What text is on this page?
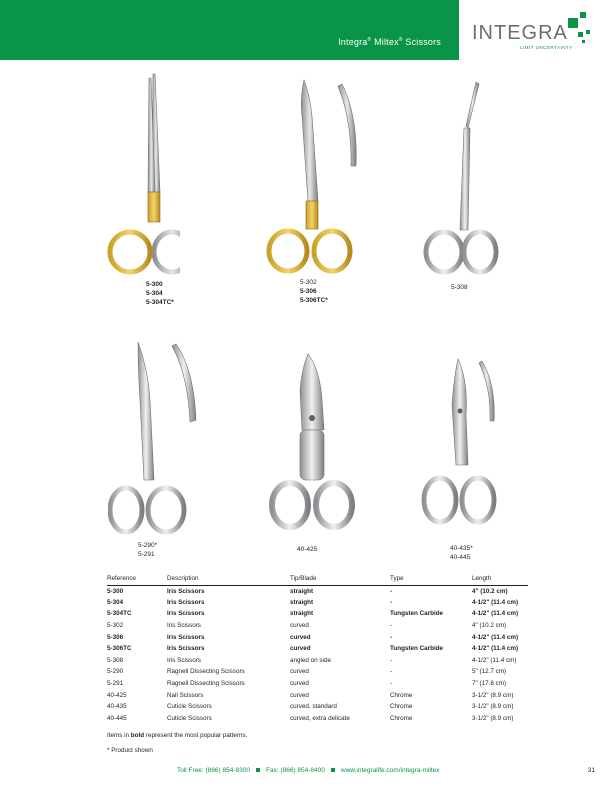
Integra® Miltex® Scissors INTEGRA
LIMIT UNCERTAINTY
5-300
5-304
5-304TC*
5-302
5-306
5-306TC*
5-308
5-290*
5-291
40-425	40-435*
40-445
Reference	Description	Tip/Blade	Type	Length
5-300	Iris Scissors	straight	-	4" (10.2 cm)
5-304	Iris Scissors	straight	-	4-1/2" (11.4 cm)
5-304TC	Iris Scissors	straight	Tungsten Carbide	4-1/2" (11.4 cm)
5-302	Iris Scissors	curved	-	4" (10.2 cm)
5-306	Iris Scissors	curved	-	4-1/2" (11.4 cm)
5-306TC	Iris Scissors	curved	Tungsten Carbide	4-1/2" (11.4 cm)
5-308	Iris Scissors	angled on side	-	4-1/2" (11.4 cm)
5-290	Ragnell Dissecting Scissors	curved	-	5" (12.7 cm)
5-291	Ragnell Dissecting Scissors	curved	-	7" (17.8 cm)
40-425	Nail Scissors	curved	Chrome	3-1/2" (8.9 cm)
40-435	Cuticle Scissors	curved, standard	Chrome	3-1/2" (8.9 cm)
40-445	Cuticle Scissors	curved, extra delicate	Chrome	3-1/2" (8.9 cm)
Items in bold represent the most popular patterns.
* Product shown
Toll Free: (866) 854-8300 Fax: (866) 854-8400 www.integralife.com/integra-miltex	31
